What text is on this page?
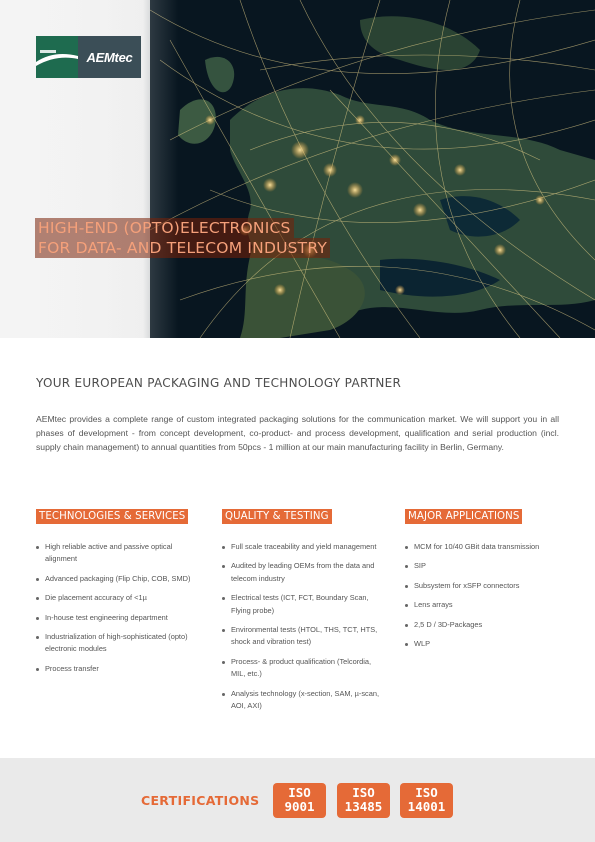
AEMtec
HIGH-END (OPTO)ELECTRONICS
FOR DATA- AND TELECOM INDUSTRY
YOUR EUROPEAN PACKAGING AND TECHNOLOGY PARTNER

AEMtec provides a complete range of custom integrated packaging solutions for the communication market. We will support you in all phases of development - from concept development, co-product- and process development, qualification and serial production (incl. supply chain management) to annual quantities from 50pcs - 1 million at our main manufacturing facility in Berlin, Germany.

TECHNOLOGIES & SERVICES
High reliable active and passive optical alignment
Advanced packaging (Flip Chip, COB, SMD)
Die placement accuracy of <1µ
In-house test engineering department
Industrialization of high-sophisticated (opto) electronic modules
Process transfer
QUALITY & TESTING
Full scale traceability and yield management
Audited by leading OEMs from the data and telecom industry
Electrical tests (ICT, FCT, Boundary Scan, Flying probe)
Environmental tests (HTOL, THS, TCT, HTS, shock and vibration test)
Process- & product qualification (Telcordia, MIL, etc.)
Analysis technology (x-section, SAM, µ-scan, AOI, AXI)
MAJOR APPLICATIONS
MCM for 10/40 GBit data transmission
SIP
Subsystem for xSFP connectors
Lens arrays
2,5 D / 3D-Packages
WLP
CERTIFICATIONS
ISO
9001
ISO
13485
ISO
14001
